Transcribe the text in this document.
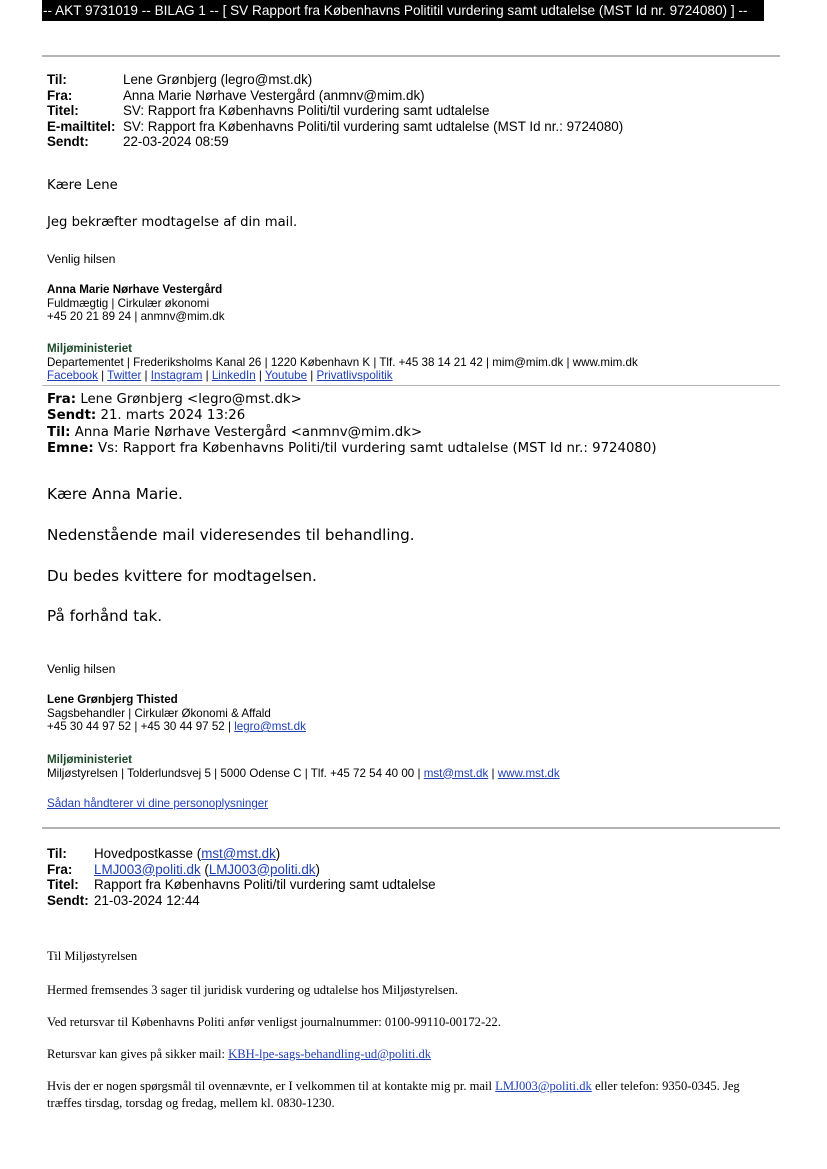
-- AKT 9731019 -- BILAG 1 -- [ SV Rapport fra Københavns Polititil vurdering samt udtalelse (MST Id nr. 9724080) ] --
Til:	Lene Grønbjerg (legro@mst.dk)
Fra:	Anna Marie Nørhave Vestergård (anmnv@mim.dk)
Titel:	SV: Rapport fra Københavns Politi/til vurdering samt udtalelse
E-mailtitel: SV: Rapport fra Københavns Politi/til vurdering samt udtalelse (MST Id nr.: 9724080)
Sendt:	22-03-2024 08:59
Kære Lene
Jeg bekræfter modtagelse af din mail.
Venlig hilsen
Anna Marie Nørhave Vestergård
Fuldmægtig | Cirkulær økonomi
+45 20 21 89 24 | anmnv@mim.dk
Miljøministeriet
Departementet | Frederiksholms Kanal 26 | 1220 København K | Tlf. +45 38 14 21 42 | mim@mim.dk | www.mim.dk
Facebook | Twitter | Instagram | LinkedIn | Youtube | Privatlivspolitik
Fra: Lene Grønbjerg <legro@mst.dk>
Sendt: 21. marts 2024 13:26
Til: Anna Marie Nørhave Vestergård <anmnv@mim.dk>
Emne: Vs: Rapport fra Københavns Politi/til vurdering samt udtalelse (MST Id nr.: 9724080)
Kære Anna Marie.
Nedenstående mail videresendes til behandling.
Du bedes kvittere for modtagelsen.
På forhånd tak.
Venlig hilsen
Lene Grønbjerg Thisted
Sagsbehandler | Cirkulær Økonomi & Affald
+45 30 44 97 52 | +45 30 44 97 52 | legro@mst.dk
Miljøministeriet
Miljøstyrelsen | Tolderlundsvej 5 | 5000 Odense C | Tlf. +45 72 54 40 00 | mst@mst.dk | www.mst.dk
Sådan håndterer vi dine personoplysninger
Til: Hovedpostkasse (mst@mst.dk)
Fra: LMJ003@politi.dk (LMJ003@politi.dk)
Titel: Rapport fra Københavns Politi/til vurdering samt udtalelse
Sendt: 21-03-2024 12:44
Til Miljøstyrelsen
Hermed fremsendes 3 sager til juridisk vurdering og udtalelse hos Miljøstyrelsen.
Ved retursvar til Københavns Politi anfør venligst journalnummer: 0100-99110-00172-22.
Retursvar kan gives på sikker mail: KBH-lpe-sags-behandling-ud@politi.dk
Hvis der er nogen spørgsmål til ovennævnte, er I velkommen til at kontakte mig pr. mail LMJ003@politi.dk eller telefon: 9350-0345. Jeg træffes tirsdag, torsdag og fredag, mellem kl. 0830-1230.
